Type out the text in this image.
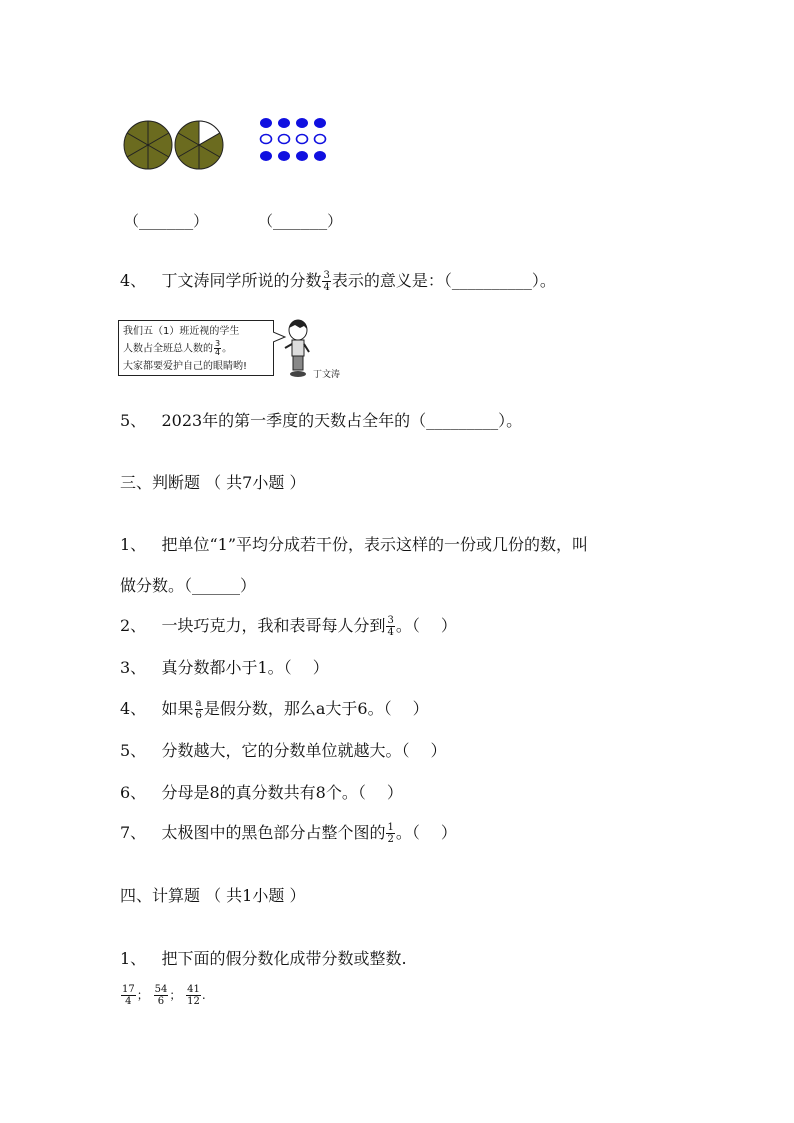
（______）	（______）
4、 丁文涛同学所说的分数 $\frac{3}{4}$ 表示的意义是：（__________）。
我们五（1）班近视的学生
人数占全班总人数的 $\frac{3}{4}$ 。
大家都要爱护自己的眼睛哟!
丁文涛
5、 2023年的第一季度的天数占全年的（_________）。
三、判断题 （ 共7小题 ）
1、 把单位“1”平均分成若干份，表示这样的一份或几份的数，叫
做分数。（______）
2、 一块巧克力，我和表哥每人分到 $\frac{3}{4}$ 。（　 ）
3、 真分数都小于1。（　 ）
4、 如果 $\frac{a}{6}$ 是假分数，那么a大于6。（　 ）
5、 分数越大，它的分数单位就越大。（　 ）
6、 分母是8的真分数共有8个。（　 ）
7、 太极图中的黑色部分占整个图的 $\frac{1}{2}$ 。（　 ）
四、计算题 （ 共1小题 ）
1、 把下面的假分数化成带分数或整数.
$\frac{17}{4}$ ； $\frac{54}{6}$ ； $\frac{41}{12}$ .
